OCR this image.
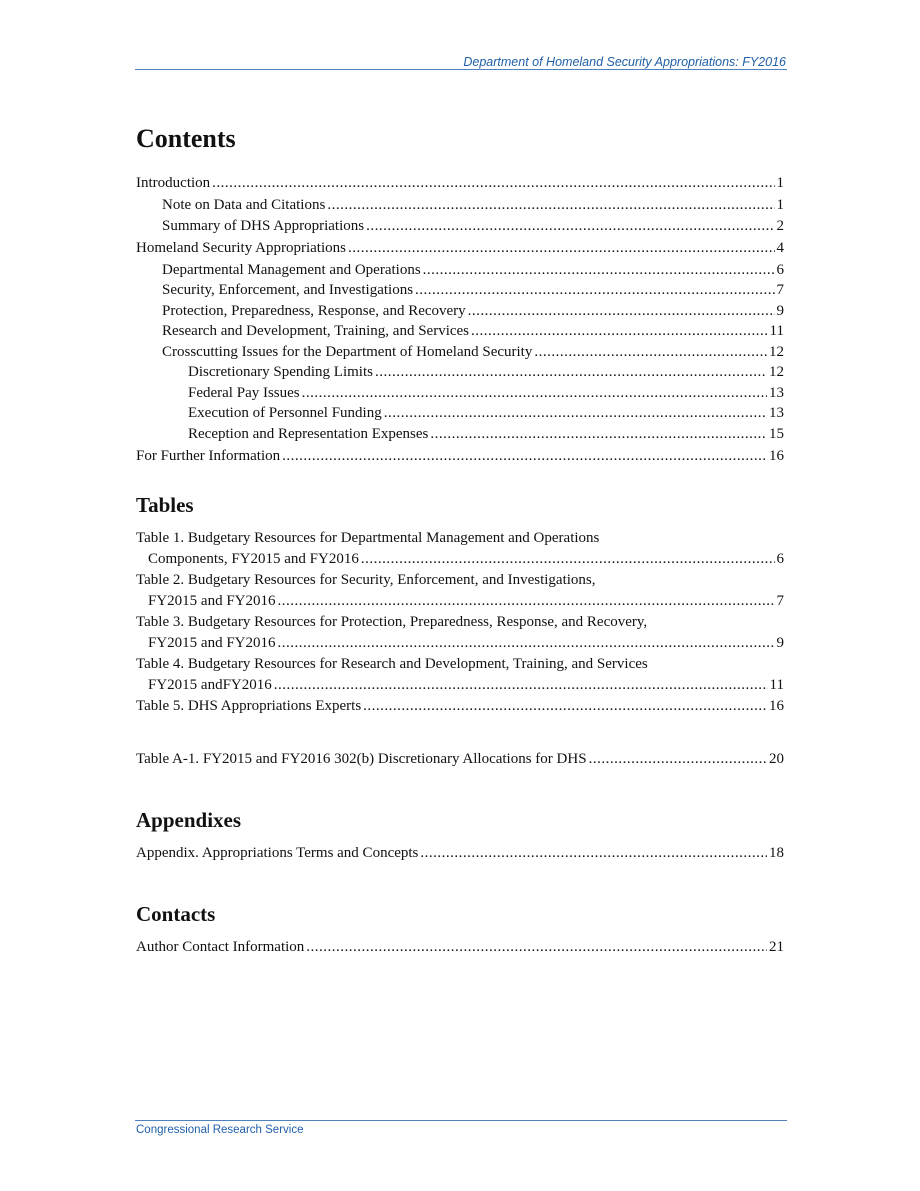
Department of Homeland Security Appropriations: FY2016
Contents
Introduction .....	1
Note on Data and Citations .....	1
Summary of DHS Appropriations .....	2
Homeland Security Appropriations .....	4
Departmental Management and Operations .....	6
Security, Enforcement, and Investigations .....	7
Protection, Preparedness, Response, and Recovery .....	9
Research and Development, Training, and Services .....	11
Crosscutting Issues for the Department of Homeland Security .....	12
Discretionary Spending Limits .....	12
Federal Pay Issues .....	13
Execution of Personnel Funding .....	13
Reception and Representation Expenses .....	15
For Further Information .....	16
Tables
Table 1. Budgetary Resources for Departmental Management and Operations
Components, FY2015 and FY2016 .....	6
Table 2. Budgetary Resources for Security, Enforcement, and Investigations,
FY2015 and FY2016 .....	7
Table 3. Budgetary Resources for Protection, Preparedness, Response, and Recovery,
FY2015 and FY2016 .....	9
Table 4. Budgetary Resources for Research and Development, Training, and Services
FY2015 andFY2016 .....	11
Table 5. DHS Appropriations Experts .....	16
Table A-1. FY2015 and FY2016 302(b) Discretionary Allocations for DHS .....	20
Appendixes
Appendix. Appropriations Terms and Concepts .....	18
Contacts
Author Contact Information .....	21
Congressional Research Service
